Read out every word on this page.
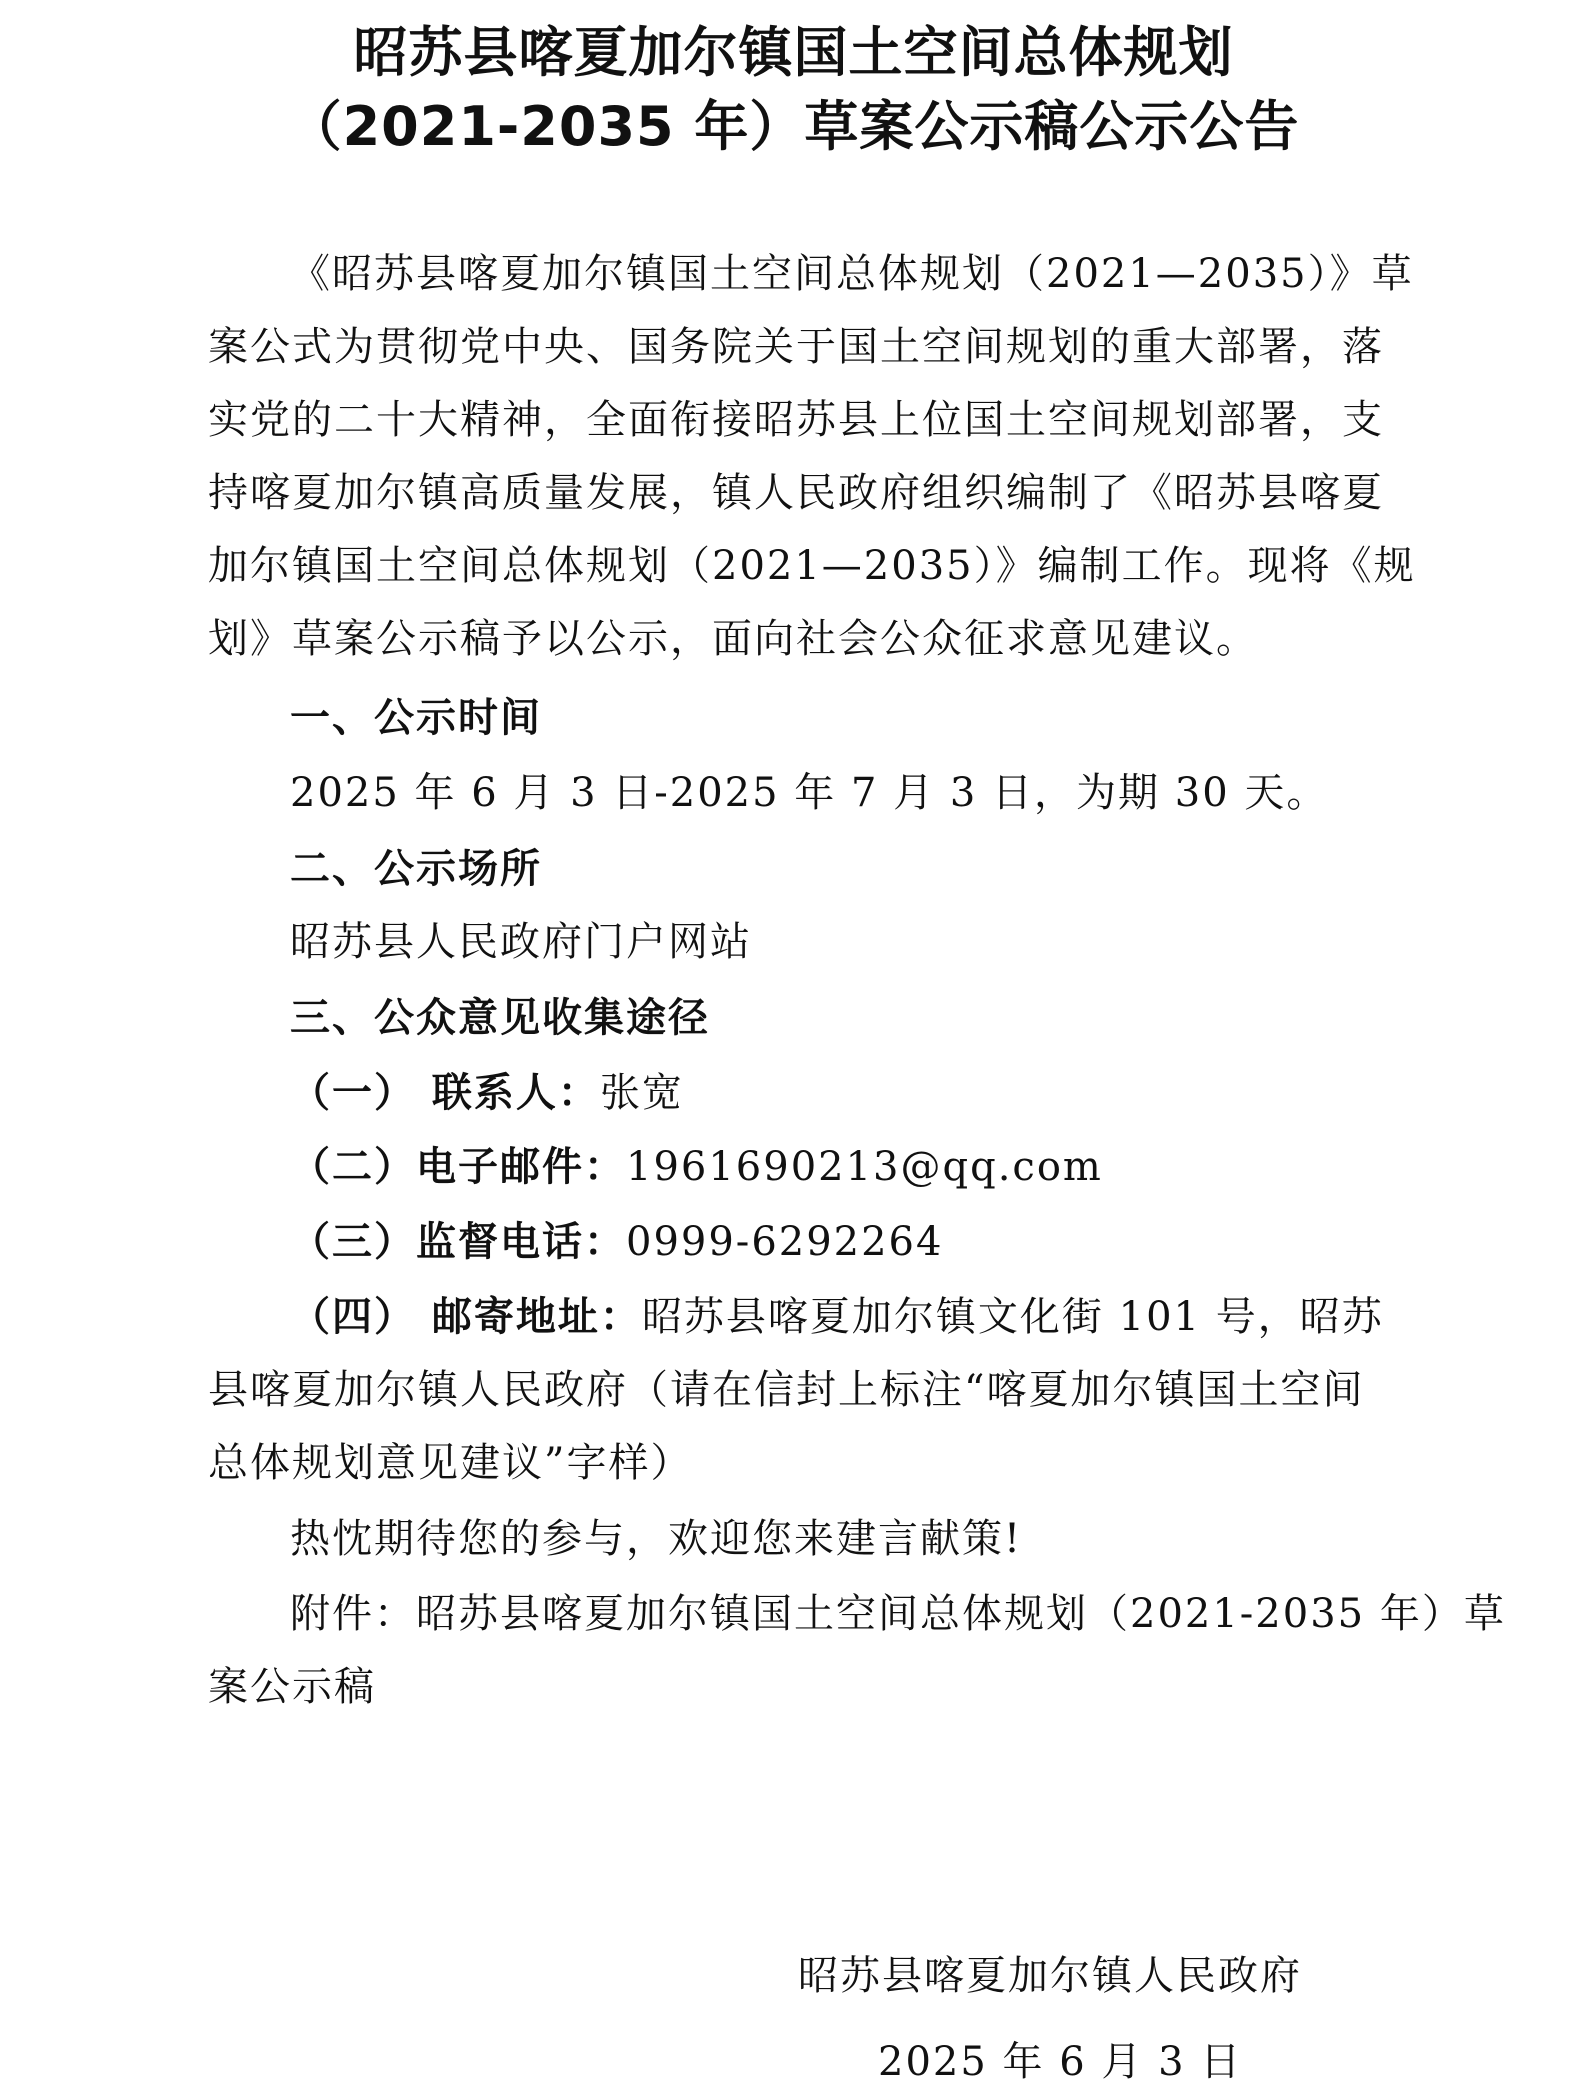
昭苏县喀夏加尔镇国土空间总体规划
（2021-2035 年）草案公示稿公示公告
《昭苏县喀夏加尔镇国土空间总体规划（2021—2035）》草
案公式为贯彻党中央、国务院关于国土空间规划的重大部署，落
实党的二十大精神，全面衔接昭苏县上位国土空间规划部署，支
持喀夏加尔镇高质量发展，镇人民政府组织编制了《昭苏县喀夏
加尔镇国土空间总体规划（2021—2035）》编制工作。现将《规
划》草案公示稿予以公示，面向社会公众征求意见建议。
一、公示时间
2025 年 6 月 3 日-2025 年 7 月 3 日，为期 30 天。
二、公示场所
昭苏县人民政府门户网站
三、公众意见收集途径
（一） 联系人：张宽
（二）电子邮件：1961690213@qq.com
（三）监督电话：0999-6292264
（四） 邮寄地址：昭苏县喀夏加尔镇文化街 101 号，昭苏
县喀夏加尔镇人民政府（请在信封上标注“喀夏加尔镇国土空间
总体规划意见建议”字样）
热忱期待您的参与，欢迎您来建言献策!
附件：昭苏县喀夏加尔镇国土空间总体规划（2021-2035 年）草
案公示稿
昭苏县喀夏加尔镇人民政府
2025 年 6 月 3 日
